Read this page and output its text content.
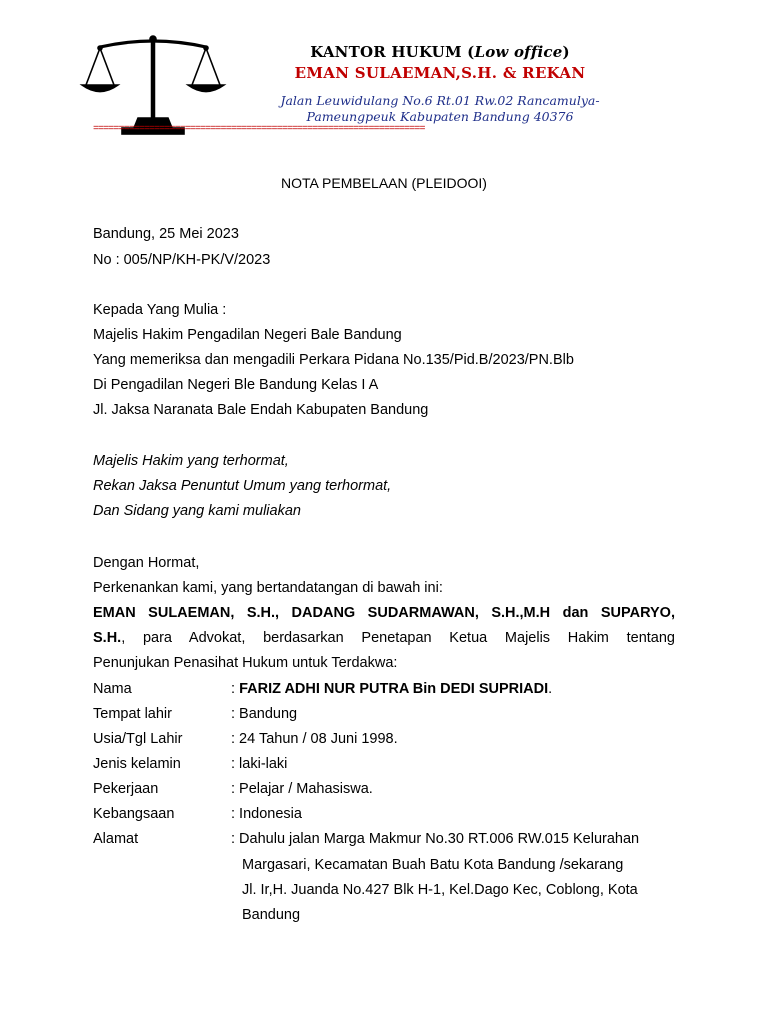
KANTOR HUKUM (Low office)
EMAN SULAEMAN,S.H. & REKAN
Jalan Leuwidulang No.6 Rt.01 Rw.02 Rancamulya-
Pameungpeuk Kabupaten Bandung 40376
=================================================================
NOTA PEMBELAAN (PLEIDOOI)
Bandung, 25 Mei 2023
No : 005/NP/KH-PK/V/2023
Kepada Yang Mulia :
Majelis Hakim Pengadilan Negeri Bale Bandung
Yang memeriksa dan mengadili Perkara Pidana No.135/Pid.B/2023/PN.Blb
Di Pengadilan Negeri Ble Bandung Kelas I A
Jl. Jaksa Naranata Bale Endah Kabupaten Bandung
Majelis Hakim yang terhormat,
Rekan Jaksa Penuntut Umum yang terhormat,
Dan Sidang yang kami muliakan
Dengan Hormat,
Perkenankan kami, yang bertandatangan di bawah ini:
EMAN SULAEMAN, S.H., DADANG SUDARMAWAN, S.H.,M.H dan SUPARYO,
S.H., para Advokat, berdasarkan Penetapan Ketua Majelis Hakim tentang
Penunjukan Penasihat Hukum untuk Terdakwa:
Nama	: FARIZ ADHI NUR PUTRA Bin DEDI SUPRIADI.
Tempat lahir	: Bandung
Usia/Tgl Lahir	: 24 Tahun / 08 Juni 1998.
Jenis kelamin	: laki-laki
Pekerjaan	: Pelajar / Mahasiswa.
Kebangsaan	: Indonesia
Alamat	: Dahulu jalan Marga Makmur No.30 RT.006 RW.015 Kelurahan
Margasari, Kecamatan Buah Batu Kota Bandung /sekarang
Jl. Ir,H. Juanda No.427 Blk H-1, Kel.Dago Kec, Coblong, Kota
Bandung
